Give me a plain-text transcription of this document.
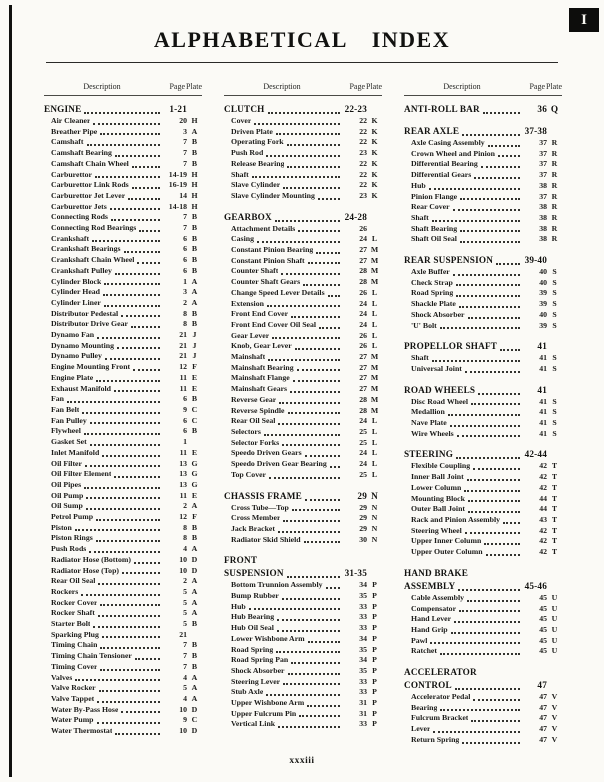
I
ALPHABETICAL INDEX
Description	Page Plate
ENGINE	1-21
Air Cleaner	20 H
Breather Pipe	3 A
Camshaft	7 B
Camshaft Bearing	7 B
Camshaft Chain Wheel	7 B
Carburettor	14-19 H
Carburettor Link Rods	16-19 H
Carburettor Jet Lever	14 H
Carburettor Jets	14-18 H
Connecting Rods	7 B
Connecting Rod Bearings	7 B
Crankshaft	6 B
Crankshaft Bearings	6 B
Crankshaft Chain Wheel	6 B
Crankshaft Pulley	6 B
Cylinder Block	1 A
Cylinder Head	3 A
Cylinder Liner	2 A
Distributor Pedestal	8 B
Distributor Drive Gear	8 B
Dynamo Fan	21 J
Dynamo Mounting	21 J
Dynamo Pulley	21 J
Engine Mounting Front	12 F
Engine Plate	11 E
Exhaust Manifold	11 E
Fan	6 B
Fan Belt	9 C
Fan Pulley	6 C
Flywheel	6 B
Gasket Set	1
Inlet Manifold	11 E
Oil Filter	13 G
Oil Filter Element	13 G
Oil Pipes	13 G
Oil Pump	11 E
Oil Sump	2 A
Petrol Pump	12 F
Piston	8 B
Piston Rings	8 B
Push Rods	4 A
Radiator Hose (Bottom)	10 D
Radiator Hose (Top)	10 D
Rear Oil Seal	2 A
Rockers	5 A
Rocker Cover	5 A
Rocker Shaft	5 A
Starter Bolt	5 B
Sparking Plug	21
Timing Chain	7 B
Timing Chain Tensioner	7 B
Timing Cover	7 B
Valves	4 A
Valve Rocker	5 A
Valve Tappet	4 A
Water By-Pass Hose	10 D
Water Pump	9 C
Water Thermostat	10 D
Description	Page Plate
CLUTCH	22-23
Cover	22 K
Driven Plate	22 K
Operating Fork	22 K
Push Rod	23 K
Release Bearing	22 K
Shaft	22 K
Slave Cylinder	22 K
Slave Cylinder Mounting	23 K
GEARBOX	24-28
Attachment Details	26
Casing	24 L
Constant Pinion Bearing	27 M
Constant Pinion Shaft	27 M
Counter Shaft	28 M
Counter Shaft Gears	28 M
Change Speed Lever Details	26 L
Extension	24 L
Front End Cover	24 L
Front End Cover Oil Seal	24 L
Gear Lever	26 L
Knob, Gear Lever	26 L
Mainshaft	27 M
Mainshaft Bearing	27 M
Mainshaft Flange	27 M
Mainshaft Gears	27 M
Reverse Gear	28 M
Reverse Spindle	28 M
Rear Oil Seal	24 L
Selectors	25 L
Selector Forks	25 L
Speedo Driven Gears	24 L
Speedo Driven Gear Bearing	24 L
Top Cover	25 L
CHASSIS FRAME	29 N
Cross Tube—Top	29 N
Cross Member	29 N
Jack Bracket	29 N
Radiator Skid Shield	30 N
FRONT
SUSPENSION	31-35
Bottom Trunnion Assembly	34 P
Bump Rubber	35 P
Hub	33 P
Hub Bearing	33 P
Hub Oil Seal	33 P
Lower Wishbone Arm	34 P
Road Spring	35 P
Road Spring Pan	34 P
Shock Absorber	35 P
Steering Lever	33 P
Stub Axle	33 P
Upper Wishbone Arm	31 P
Upper Fulcrum Pin	31 P
Vertical Link	33 P
Description	Page Plate
ANTI-ROLL BAR	36 Q
REAR AXLE	37-38
Axle Casing Assembly	37 R
Crown Wheel and Pinion	37 R
Differential Bearing	37 R
Differential Gears	37 R
Hub	38 R
Pinion Flange	37 R
Rear Cover	38 R
Shaft	38 R
Shaft Bearing	38 R
Shaft Oil Seal	38 R
REAR SUSPENSION	39-40
Axle Buffer	40 S
Check Strap	40 S
Road Spring	39 S
Shackle Plate	39 S
Shock Absorber	40 S
'U' Bolt	39 S
PROPELLOR SHAFT	41
Shaft	41 S
Universal Joint	41 S
ROAD WHEELS	41
Disc Road Wheel	41 S
Medallion	41 S
Nave Plate	41 S
Wire Wheels	41 S
STEERING	42-44
Flexible Coupling	42 T
Inner Ball Joint	42 T
Lower Column	42 T
Mounting Block	44 T
Outer Ball Joint	44 T
Rack and Pinion Assembly	43 T
Steering Wheel	42 T
Upper Inner Column	42 T
Upper Outer Column	42 T
HAND BRAKE
ASSEMBLY	45-46
Cable Assembly	45 U
Compensator	45 U
Hand Lever	45 U
Hand Grip	45 U
Pawl	45 U
Ratchet	45 U
ACCELERATOR
CONTROL	47
Accelerator Pedal	47 V
Bearing	47 V
Fulcrum Bracket	47 V
Lever	47 V
Return Spring	47 V
xxxiii
